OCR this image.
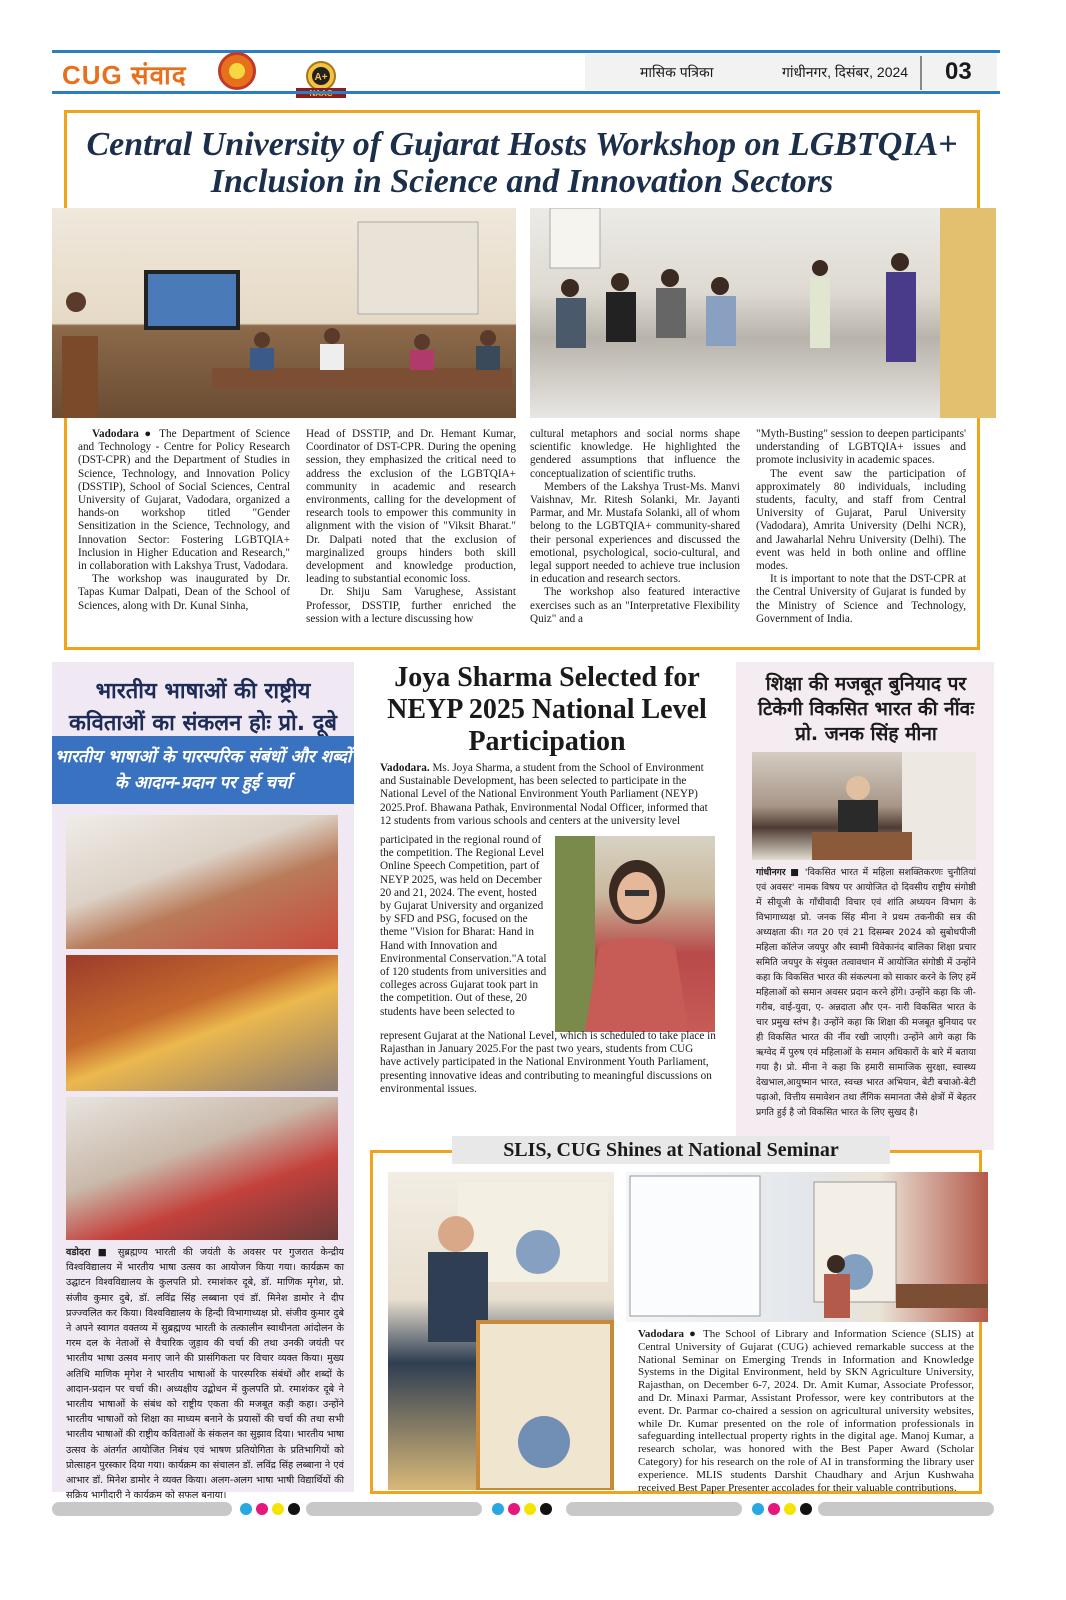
CUG संवाद	A+	मासिक पत्रिका	गांधीनगर, दिसंबर, 2024 03
Central University of Gujarat Hosts Workshop on LGBTQIA+ Inclusion in Science and Innovation Sectors

Vadodara ● The Department of Science and Technology - Centre for Policy Research (DST-CPR) and the Department of Studies in Science, Technology, and Innovation Policy (DSSTIP), School of Social Sciences, Central University of Gujarat, Vadodara, organized a hands-on workshop titled "Gender Sensitization in the Science, Technology, and Innovation Sector: Fostering LGBTQIA+ Inclusion in Higher Education and Research," in collaboration with Lakshya Trust, Vadodara.

The workshop was inaugurated by Dr. Tapas Kumar Dalpati, Dean of the School of Sciences, along with Dr. Kunal Sinha,

Head of DSSTIP, and Dr. Hemant Kumar, Coordinator of DST-CPR. During the opening session, they emphasized the critical need to address the exclusion of the LGBTQIA+ community in academic and research environments, calling for the development of research tools to empower this community in alignment with the vision of "Viksit Bharat." Dr. Dalpati noted that the exclusion of marginalized groups hinders both skill development and knowledge production, leading to substantial economic loss.

Dr. Shiju Sam Varughese, Assistant Professor, DSSTIP, further enriched the session with a lecture discussing how

cultural metaphors and social norms shape scientific knowledge. He highlighted the gendered assumptions that influence the conceptualization of scientific truths.

Members of the Lakshya Trust-Ms. Manvi Vaishnav, Mr. Ritesh Solanki, Mr. Jayanti Parmar, and Mr. Mustafa Solanki, all of whom belong to the LGBTQIA+ community-shared their personal experiences and discussed the emotional, psychological, socio-cultural, and legal support needed to achieve true inclusion in education and research sectors.

The workshop also featured interactive exercises such as an "Interpretative Flexibility Quiz" and a

"Myth-Busting" session to deepen participants' understanding of LGBTQIA+ issues and promote inclusivity in academic spaces.

The event saw the participation of approximately 80 individuals, including students, faculty, and staff from Central University of Gujarat, Parul University (Vadodara), Amrita University (Delhi NCR), and Jawaharlal Nehru University (Delhi). The event was held in both online and offline modes.

It is important to note that the DST-CPR at the Central University of Gujarat is funded by the Ministry of Science and Technology, Government of India.

भारतीय भाषाओं की राष्ट्रीय कविताओं का संकलन होः प्रो. दूबे
भारतीय भाषाओं के पारस्परिक संबंधों और शब्दों के आदान-प्रदान पर हुई चर्चा
वडोदरा ■ सुब्रह्मण्य भारती की जयंती के अवसर पर गुजरात केन्द्रीय विश्वविद्यालय में भारतीय भाषा उत्सव का आयोजन किया गया। कार्यक्रम का उद्घाटन विश्वविद्यालय के कुलपति प्रो. रमाशंकर दूबे, डॉ. माणिक मृगेश, प्रो. संजीव कुमार दुबे, डॉ. लविंद्र सिंह लब्बाना एवं डॉ. मिनेश डामोर ने दीप प्रज्ज्वलित कर किया। विश्वविद्यालय के हिन्दी विभागाध्यक्ष प्रो. संजीव कुमार दुबे ने अपने स्वागत वक्तव्य में सुब्रह्मण्य भारती के तत्कालीन स्वाधीनता आंदोलन के गरम दल के नेताओं से वैचारिक जुड़ाव की चर्चा की तथा उनकी जयंती पर भारतीय भाषा उत्सव मनाए जाने की प्रासंगिकता पर विचार व्यक्त किया। मुख्य अतिथि माणिक मृगेश ने भारतीय भाषाओं के पारस्परिक संबंधों और शब्दों के आदान-प्रदान पर चर्चा की। अध्यक्षीय उद्बोधन में कुलपति प्रो. रमाशंकर दूबे ने भारतीय भाषाओं के संबंध को राष्ट्रीय एकता की मजबूत कड़ी कहा। उन्होंने भारतीय भाषाओं को शिक्षा का माध्यम बनाने के प्रयासों की चर्चा की तथा सभी भारतीय भाषाओं की राष्ट्रीय कविताओं के संकलन का सुझाव दिया। भारतीय भाषा उत्सव के अंतर्गत आयोजित निबंध एवं भाषण प्रतियोगिता के प्रतिभागियों को प्रोत्साहन पुरस्कार दिया गया। कार्यक्रम का संचालन डॉ. लविंद्र सिंह लब्बाना ने एवं आभार डॉ. मिनेश डामोर ने व्यक्त किया। अलग-अलग भाषा भाषी विद्यार्थियों की सक्रिय भागीदारी ने कार्यक्रम को सफल बनाया।
Joya Sharma Selected for NEYP 2025 National Level Participation
Vadodara. Ms. Joya Sharma, a student from the School of Environment and Sustainable Development, has been selected to participate in the National Level of the National Environment Youth Parliament (NEYP) 2025.Prof. Bhawana Pathak, Environmental Nodal Officer, informed that 12 students from various schools and centers at the university level
participated in the regional round of the competition. The Regional Level Online Speech Competition, part of NEYP 2025, was held on December 20 and 21, 2024. The event, hosted by Gujarat University and organized by SFD and PSG, focused on the theme "Vision for Bharat: Hand in Hand with Innovation and Environmental Conservation."A total of 120 students from universities and colleges across Gujarat took part in the competition. Out of these, 20 students have been selected to
represent Gujarat at the National Level, which is scheduled to take place in Rajasthan in January 2025.For the past two years, students from CUG have actively participated in the National Environment Youth Parliament, presenting innovative ideas and contributing to meaningful discussions on environmental issues.
शिक्षा की मजबूत बुनियाद पर टिकेगी विकसित भारत की नींवः प्रो. जनक सिंह मीना
गांधीनगर ■ 'विकसित भारत में महिला सशक्तिकरणः चुनौतियां एवं अवसर' नामक विषय पर आयोजित दो दिवसीय राष्ट्रीय संगोष्ठी में सीयूजी के गाँधीवादी विचार एवं शांति अध्ययन विभाग के विभागाध्यक्ष प्रो. जनक सिंह मीना ने प्रथम तकनीकी सत्र की अध्यक्षता की। गत 20 एवं 21 दिसम्बर 2024 को सुबोधपीजी महिला कॉलेज जयपुर और स्वामी विवेकानंद बालिका शिक्षा प्रचार समिति जयपुर के संयुक्त तत्वावधान में आयोजित संगोष्ठी में उन्होंने कहा कि विकसित भारत की संकल्पना को साकार करने के लिए हमें महिलाओं को समान अवसर प्रदान करने होंगे। उन्होंने कहा कि जी- गरीब, वाई-युवा, ए- अन्नदाता और एन- नारी विकसित भारत के चार प्रमुख स्तंभ है। उन्होंने कहा कि शिक्षा की मजबूत बुनियाद पर ही विकसित भारत की नींव रखी जाएगी। उन्होंने आगे कहा कि ऋग्वेद में पुरुष एवं महिलाओं के समान अधिकारों के बारे में बताया गया है। प्रो. मीना ने कहा कि हमारी सामाजिक सुरक्षा, स्वास्थ्य देखभाल,आयुष्मान भारत, स्वच्छ भारत अभियान, बेटी बचाओ-बेटी पढ़ाओ, वित्तीय समावेशन तथा लैंगिक समानता जैसे क्षेत्रों में बेहतर प्रगति हुई है जो विकसित भारत के लिए सुखद है।
SLIS, CUG Shines at National Seminar
Vadodara ● The School of Library and Information Science (SLIS) at Central University of Gujarat (CUG) achieved remarkable success at the National Seminar on Emerging Trends in Information and Knowledge Systems in the Digital Environment, held by SKN Agriculture University, Rajasthan, on December 6-7, 2024. Dr. Amit Kumar, Associate Professor, and Dr. Minaxi Parmar, Assistant Professor, were key contributors at the event. Dr. Parmar co-chaired a session on agricultural university websites, while Dr. Kumar presented on the role of information professionals in safeguarding intellectual property rights in the digital age. Manoj Kumar, a research scholar, was honored with the Best Paper Award (Scholar Category) for his research on the role of AI in transforming the library user experience. MLIS students Darshit Chaudhary and Arjun Kushwaha received Best Paper Presenter accolades for their valuable contributions.
